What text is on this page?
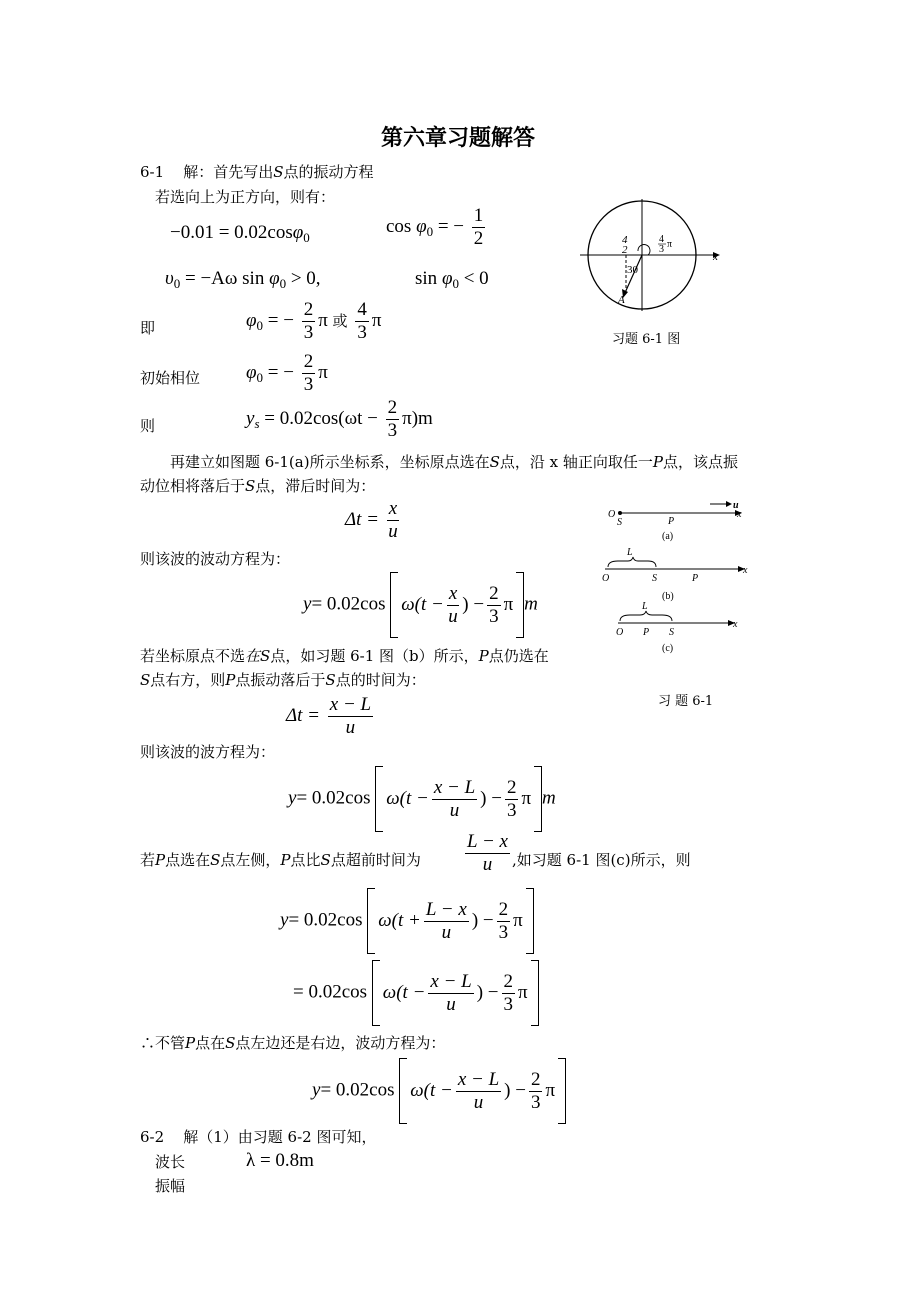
第六章习题解答
6-1 解：首先写出S点的振动方程
若选向上为正方向，则有：
−0.01 = 0.02cosφ$_0$
$\cos \varphi_0$ = − $\frac{1}{2}$
$\upsilon_0 = -A\omega$ $\sin \varphi_0 > 0$,	$\sin \varphi_0 < 0$
即	$\varphi_0$ = − $\frac{2}{3}$ π 或 $\frac{4}{3}$ π
初始相位 $\varphi_0$ = − $\frac{2}{3}$ π
则	$y_s = 0.02\cos(\omega t - \frac{2}{3} \pi)m$
再建立如图题 6-1(a)所示坐标系，坐标原点选在S点，沿 x 轴正向取任一P点，该点振
动位相将落后于S点，滞后时间为：
$\Delta t = \frac{x}{u}$
则该波的波动方程为：
y= 0.02cos $\omega(t - \frac{x}{u}$ ) − $\frac{2}{3}$ π m
若坐标原点不选在S点，如习题 6-1 图（b）所示，P点仍选在
S点右方，则P点振动落后于S点的时间为：
$\Delta t = \frac{x - L}{u}$
则该波的波方程为：
y= 0.02cos $\omega(t - \frac{x - L}{u}$ ) − $\frac{2}{3}$ π m
若P点选在S点左侧，P点比S点超前时间为 $\frac{L - x}{u}$ ,如习题 6-1 图(c)所示，则
y= 0.02cos $\omega(t + \frac{L - x}{u}$ ) − $\frac{2}{3}$ π
= 0.02cos $\omega(t - \frac{x - L}{u}$ ) − $\frac{2}{3}$ π
∴不管P点在S点左边还是右边，波动方程为：
y= 0.02cos $\omega(t - \frac{x - L}{u}$ ) − $\frac{2}{3}$ π
6-2 解（1）由习题 6-2 图可知，
波长	λ = 0.8m
振幅
x
A
30
4
2
4
3 π
习题 6-1 图
u
O
S	P
x
(a)
L
O	S	P
x
(b)
L
O P S
x
(c)
习 题 6-1
